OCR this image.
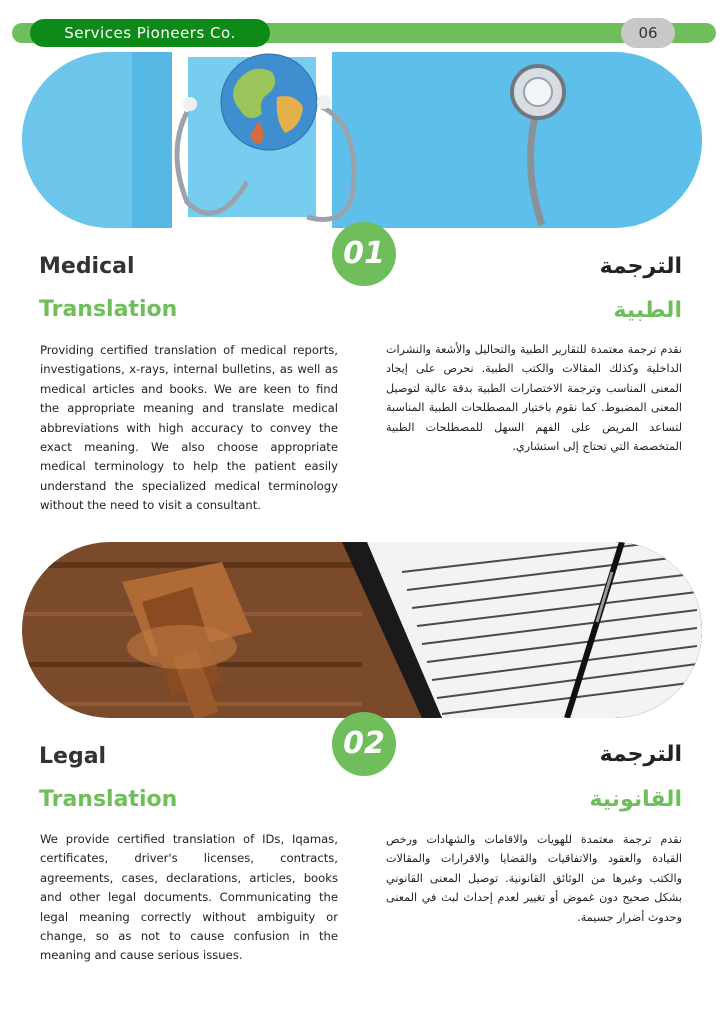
Services Pioneers Co.	06
01
Medical
Translation
الترجمة
الطبية
Providing certified translation of medical reports, investigations, x-rays, internal bulletins, as well as medical articles and books. We are keen to find the appropriate meaning and translate medical abbreviations with high accuracy to convey the exact meaning. We also choose appropriate medical terminology to help the patient easily understand the specialized medical terminology without the need to visit a consultant.
نقدم ترجمة معتمدة للتقارير الطبية والتحاليل والأشعة والنشرات الداخلية وكذلك المقالات والكتب الطبية. نحرص على إيجاد المعنى المناسب وترجمة الاختصارات الطبية بدقة عالية لتوصيل المعنى المضبوط. كما نقوم باختيار المصطلحات الطبية المناسبة لتساعد المريض على الفهم السهل للمصطلحات الطبية المتخصصة التي تحتاج إلى استشاري.
02
Legal
Translation
الترجمة
القانونية
We provide certified translation of IDs, Iqamas, certificates, driver's licenses, contracts, agreements, cases, declarations, articles, books and other legal documents. Communicating the legal meaning correctly without ambiguity or change, so as not to cause confusion in the meaning and cause serious issues.
نقدم ترجمة معتمدة للهويات والاقامات والشهادات ورخص القيادة والعقود والاتفاقيات والقضايا والاقرارات والمقالات والكتب وغيرها من الوثائق القانونية. توصيل المعنى القانوني بشكل صحيح دون غموض أو تغيير لعدم إحداث لبث في المعنى وحدوث أضرار جسيمة.
